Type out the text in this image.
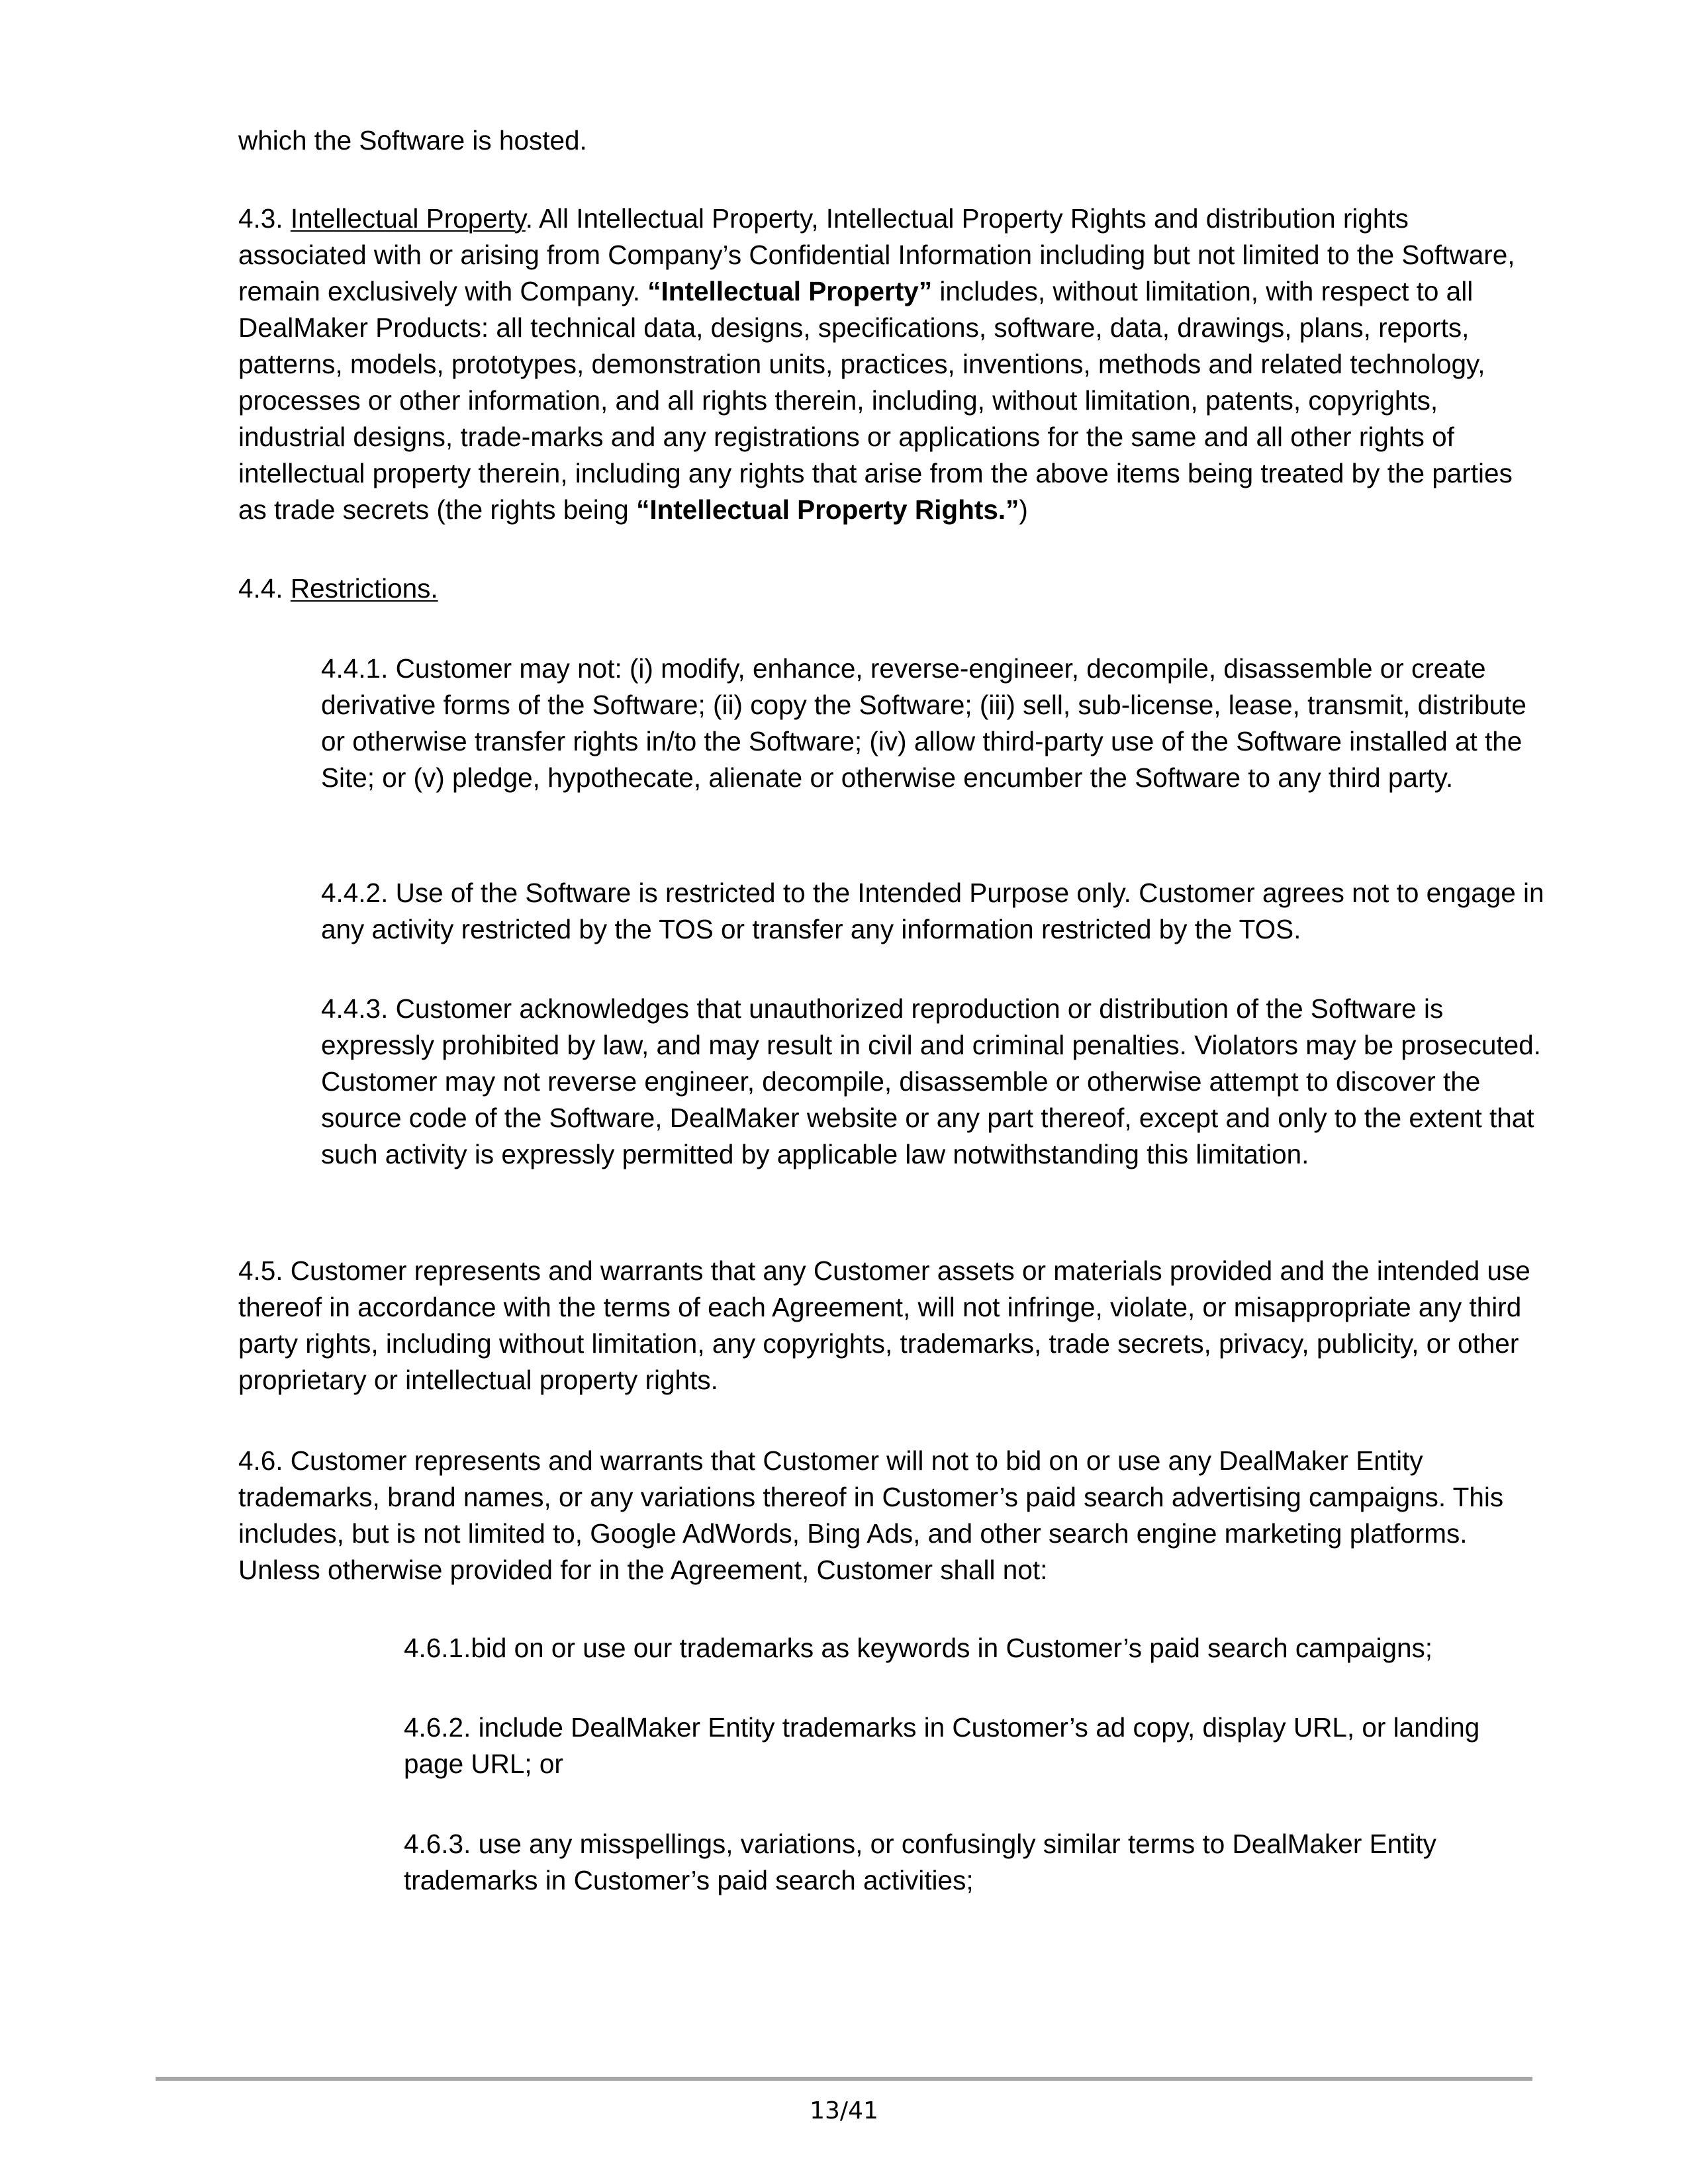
which the Software is hosted.

4.3. Intellectual Property. All Intellectual Property, Intellectual Property Rights and distribution rights associated with or arising from Company’s Confidential Information including but not limited to the Software, remain exclusively with Company. “Intellectual Property” includes, without limitation, with respect to all DealMaker Products: all technical data, designs, specifications, software, data, drawings, plans, reports, patterns, models, prototypes, demonstration units, practices, inventions, methods and related technology, processes or other information, and all rights therein, including, without limitation, patents, copyrights, industrial designs, trade-marks and any registrations or applications for the same and all other rights of intellectual property therein, including any rights that arise from the above items being treated by the parties as trade secrets (the rights being “Intellectual Property Rights.”)

4.4. Restrictions.

4.4.1. Customer may not: (i) modify, enhance, reverse-engineer, decompile, disassemble or create derivative forms of the Software; (ii) copy the Software; (iii) sell, sub-license, lease, transmit, distribute or otherwise transfer rights in/to the Software; (iv) allow third-party use of the Software installed at the Site; or (v) pledge, hypothecate, alienate or otherwise encumber the Software to any third party.

4.4.2. Use of the Software is restricted to the Intended Purpose only. Customer agrees not to engage in any activity restricted by the TOS or transfer any information restricted by the TOS.

4.4.3. Customer acknowledges that unauthorized reproduction or distribution of the Software is expressly prohibited by law, and may result in civil and criminal penalties. Violators may be prosecuted. Customer may not reverse engineer, decompile, disassemble or otherwise attempt to discover the source code of the Software, DealMaker website or any part thereof, except and only to the extent that such activity is expressly permitted by applicable law notwithstanding this limitation.

4.5. Customer represents and warrants that any Customer assets or materials provided and the intended use thereof in accordance with the terms of each Agreement, will not infringe, violate, or misappropriate any third party rights, including without limitation, any copyrights, trademarks, trade secrets, privacy, publicity, or other proprietary or intellectual property rights.

4.6. Customer represents and warrants that Customer will not to bid on or use any DealMaker Entity trademarks, brand names, or any variations thereof in Customer’s paid search advertising campaigns. This includes, but is not limited to, Google AdWords, Bing Ads, and other search engine marketing platforms. Unless otherwise provided for in the Agreement, Customer shall not:

4.6.1.bid on or use our trademarks as keywords in Customer’s paid search campaigns;

4.6.2. include DealMaker Entity trademarks in Customer’s ad copy, display URL, or landing page URL; or

4.6.3. use any misspellings, variations, or confusingly similar terms to DealMaker Entity trademarks in Customer’s paid search activities;

13/41
